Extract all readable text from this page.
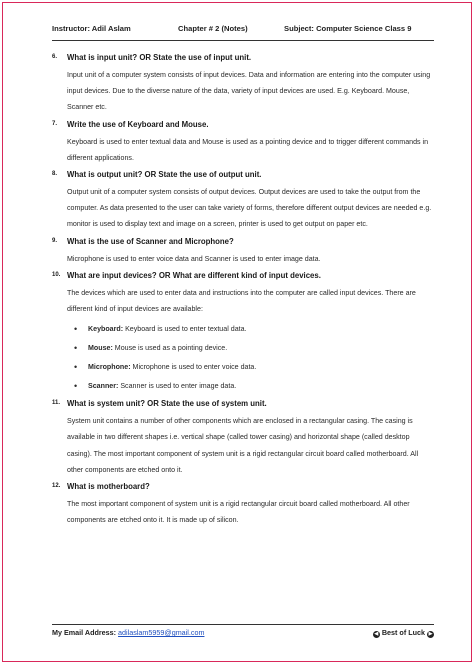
Instructor: Adil Aslam	Chapter # 2 (Notes)	Subject: Computer Science Class 9
6. What is input unit? OR State the use of input unit.
Input unit of a computer system consists of input devices. Data and information are entering into the computer using input devices. Due to the diverse nature of the data, variety of input devices are used. E.g. Keyboard. Mouse, Scanner etc.
7. Write the use of Keyboard and Mouse.
Keyboard is used to enter textual data and Mouse is used as a pointing device and to trigger different commands in different applications.
8. What is output unit? OR State the use of output unit.
Output unit of a computer system consists of output devices. Output devices are used to take the output from the computer. As data presented to the user can take variety of forms, therefore different output devices are needed e.g. monitor is used to display text and image on a screen, printer is used to get output on paper etc.
9. What is the use of Scanner and Microphone?
Microphone is used to enter voice data and Scanner is used to enter image data.
10. What are input devices? OR What are different kind of input devices.
The devices which are used to enter data and instructions into the computer are called input devices. There are different kind of input devices are available:
• Keyboard: Keyboard is used to enter textual data.
• Mouse: Mouse is used as a pointing device.
• Microphone: Microphone is used to enter voice data.
• Scanner: Scanner is used to enter image data.
11. What is system unit? OR State the use of system unit.
System unit contains a number of other components which are enclosed in a rectangular casing. The casing is available in two different shapes i.e. vertical shape (called tower casing) and horizontal shape (called desktop casing). The most important component of system unit is a rigid rectangular circuit board called motherboard. All other components are etched onto it.
12. What is motherboard?
The most important component of system unit is a rigid rectangular circuit board called motherboard. All other components are etched onto it. It is made up of silicon.
My Email Address: adilaslam5959@gmail.com	◀ Best of Luck ▶
